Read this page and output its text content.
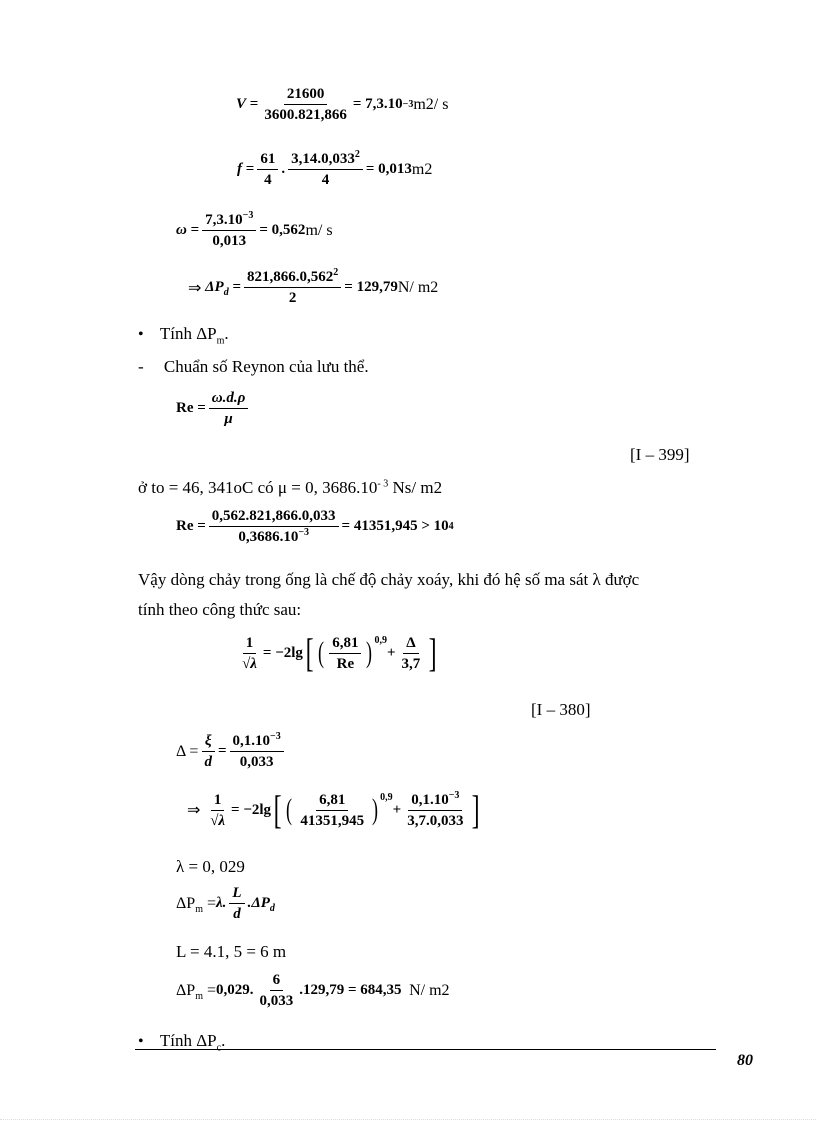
$V = \frac{21600}{3600.821,866} = 7,3.10 -3$ m2/ s
$f = \frac{61}{4}$ . $\frac{3,14.0,033^2}{4} = 0,013$ m2
$\omega = \frac{7,3.10^{-3}}{0,013} = 0,562$ m/ s
⇒
$\Delta P_d = \frac{821,866.0,562^2}{2} = 129,79$ N/ m2
• Tính $\Delta P_m$.
- Chuẩn số Reynon của lưu thể.
$Re = \frac{\omega.d.\rho}{\mu}$
[I – 399]
ở to = 46, 341oC có μ = 0, $3686.10^{- 3}$ Ns/ m2
$Re = \frac{0,562.821,866.0,033}{0,3686.10^{-3}} = 41351,945 > 10$ 4
Vậy dòng chảy trong ống là chế độ chảy xoáy, khi đó hệ số ma sát λ được
tính theo công thức sau:
$\frac{1}{√\lambda} = -2\lg$ [ ( $\frac{6,81}{Re} )^{0,9}$
+ $\frac{\Delta}{3,7}$ ]
[I – 380]
$\Delta = \frac{\xi}{d} = \frac{0,1.10^{-3}}{0,033}$
⇒
$\frac{1}{√\lambda} = -2\lg$ [ ( $\frac{6,81}{41351,945} )^{0,9}$
+ $\frac{0,1.10^{-3}}{3,7.0,033}$ ]
λ = 0, 029
$\Delta P_m = \lambda$. $\frac{L}{d} .\Delta P_d$
L = 4.1, 5 = 6 m
$\Delta P_m = 0,029$. $\frac{6}{0,033} .129,79 = 684,35$
N/ m2
• Tính $\Delta P_c$.
80
